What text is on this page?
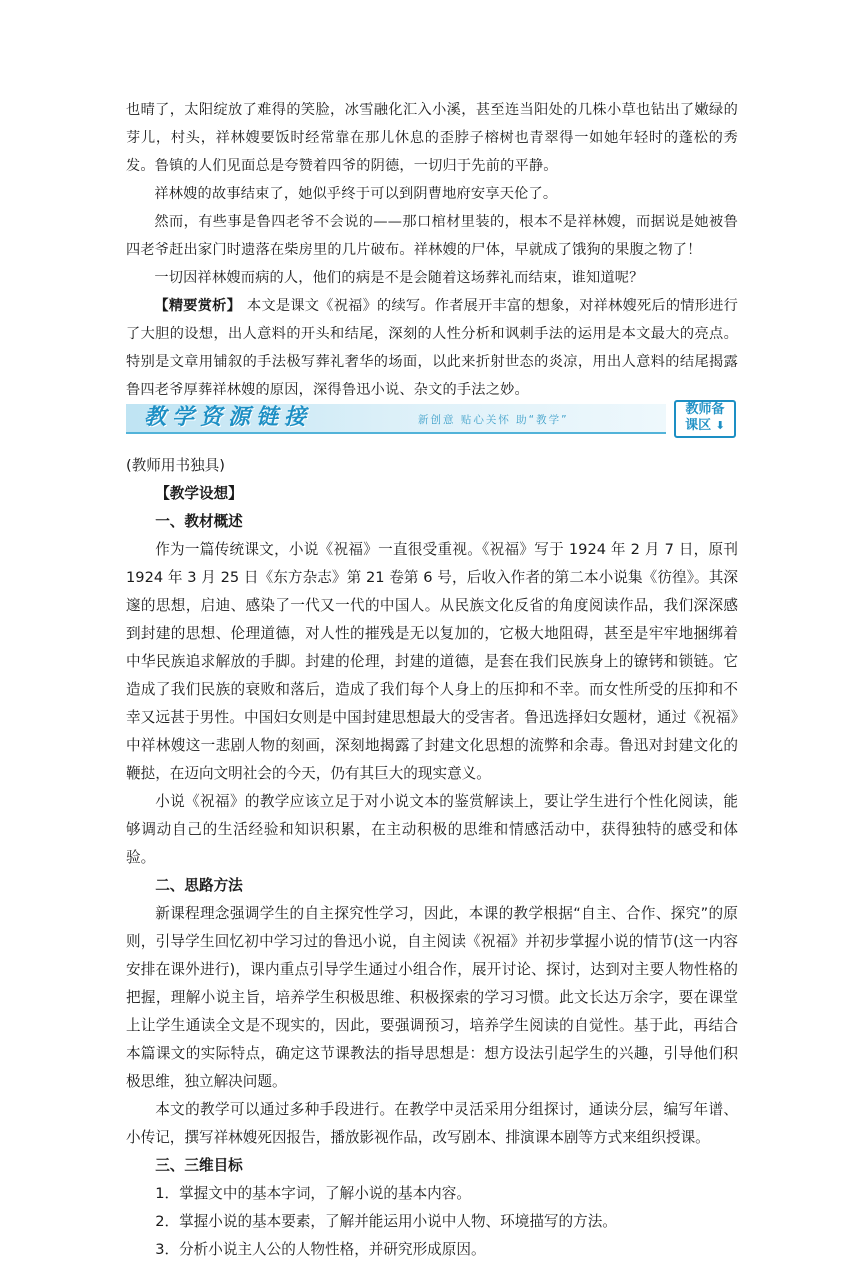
也晴了，太阳绽放了难得的笑脸，冰雪融化汇入小溪，甚至连当阳处的几株小草也钻出了嫩绿的芽儿，村头，祥林嫂要饭时经常靠在那儿休息的歪脖子榕树也青翠得一如她年轻时的蓬松的秀发。鲁镇的人们见面总是夸赞着四爷的阴德，一切归于先前的平静。

祥林嫂的故事结束了，她似乎终于可以到阴曹地府安享天伦了。

然而，有些事是鲁四老爷不会说的——那口棺材里装的，根本不是祥林嫂，而据说是她被鲁四老爷赶出家门时遗落在柴房里的几片破布。祥林嫂的尸体，早就成了饿狗的果腹之物了！

一切因祥林嫂而病的人，他们的病是不是会随着这场葬礼而结束，谁知道呢？

【精要赏析】 本文是课文《祝福》的续写。作者展开丰富的想象，对祥林嫂死后的情形进行了大胆的设想，出人意料的开头和结尾，深刻的人性分析和讽刺手法的运用是本文最大的亮点。特别是文章用铺叙的手法极写葬礼奢华的场面，以此来折射世态的炎凉，用出人意料的结尾揭露鲁四老爷厚葬祥林嫂的原因，深得鲁迅小说、杂文的手法之妙。

教学资源链接	新创意 贴心关怀 助“教学”
教师备
课区 ⬇

(教师用书独具)

【教学设想】
一、教材概述

作为一篇传统课文，小说《祝福》一直很受重视。《祝福》写于 1924 年 2 月 7 日，原刊 1924 年 3 月 25 日《东方杂志》第 21 卷第 6 号，后收入作者的第二本小说集《彷徨》。其深邃的思想，启迪、感染了一代又一代的中国人。从民族文化反省的角度阅读作品，我们深深感到封建的思想、伦理道德，对人性的摧残是无以复加的，它极大地阻碍，甚至是牢牢地捆绑着中华民族追求解放的手脚。封建的伦理，封建的道德，是套在我们民族身上的镣铐和锁链。它造成了我们民族的衰败和落后，造成了我们每个人身上的压抑和不幸。而女性所受的压抑和不幸又远甚于男性。中国妇女则是中国封建思想最大的受害者。鲁迅选择妇女题材，通过《祝福》中祥林嫂这一悲剧人物的刻画，深刻地揭露了封建文化思想的流弊和余毒。鲁迅对封建文化的鞭挞，在迈向文明社会的今天，仍有其巨大的现实意义。

小说《祝福》的教学应该立足于对小说文本的鉴赏解读上，要让学生进行个性化阅读，能够调动自己的生活经验和知识积累，在主动积极的思维和情感活动中，获得独特的感受和体验。

二、思路方法

新课程理念强调学生的自主探究性学习，因此，本课的教学根据“自主、合作、探究”的原则，引导学生回忆初中学习过的鲁迅小说，自主阅读《祝福》并初步掌握小说的情节(这一内容安排在课外进行)，课内重点引导学生通过小组合作，展开讨论、探讨，达到对主要人物性格的把握，理解小说主旨，培养学生积极思维、积极探索的学习习惯。此文长达万余字，要在课堂上让学生通读全文是不现实的，因此，要强调预习，培养学生阅读的自觉性。基于此，再结合本篇课文的实际特点，确定这节课教法的指导思想是：想方设法引起学生的兴趣，引导他们积极思维，独立解决问题。

本文的教学可以通过多种手段进行。在教学中灵活采用分组探讨，通读分层，编写年谱、小传记，撰写祥林嫂死因报告，播放影视作品，改写剧本、排演课本剧等方式来组织授课。

三、三维目标

1．掌握文中的基本字词，了解小说的基本内容。

2．掌握小说的基本要素，了解并能运用小说中人物、环境描写的方法。

3．分析小说主人公的人物性格，并研究形成原因。
